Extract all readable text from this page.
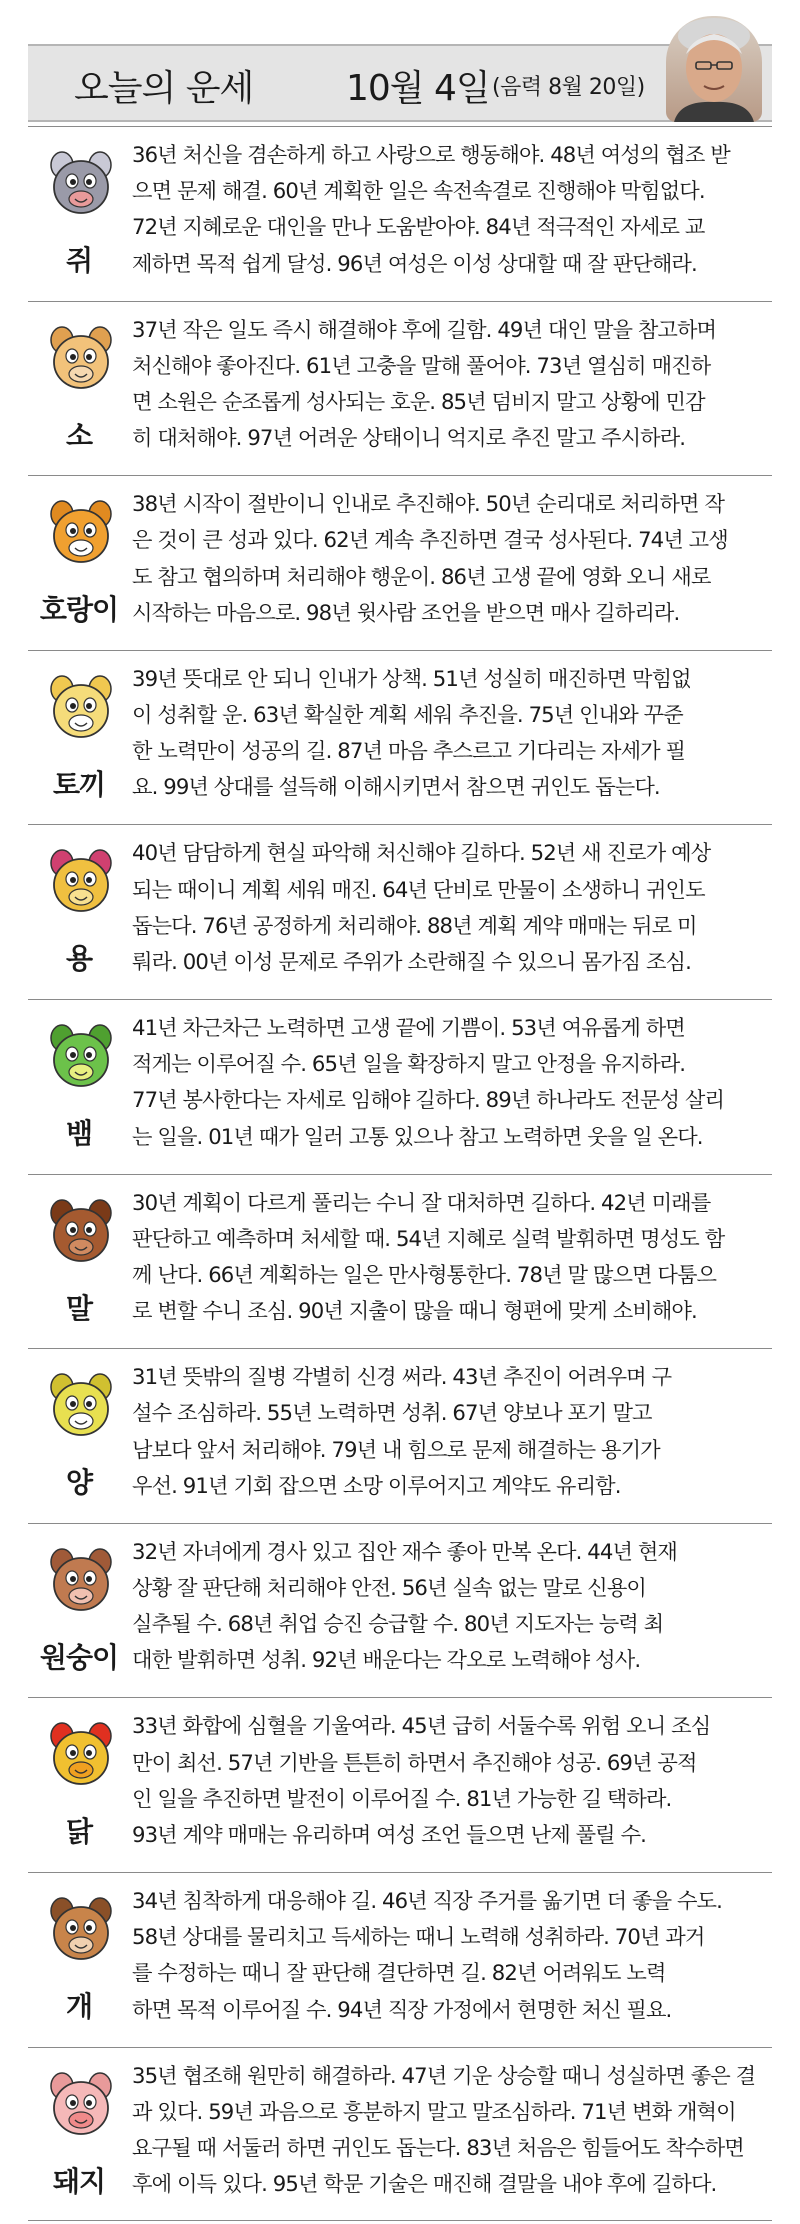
오늘의 운세	10월 4일 (음력 8월 20일)
쥐
36년 처신을 겸손하게 하고 사랑으로 행동해야. 48년 여성의 협조 받
으면 문제 해결. 60년 계획한 일은 속전속결로 진행해야 막힘없다.
72년 지혜로운 대인을 만나 도움받아야. 84년 적극적인 자세로 교
제하면 목적 쉽게 달성. 96년 여성은 이성 상대할 때 잘 판단해라.
소
37년 작은 일도 즉시 해결해야 후에 길함. 49년 대인 말을 참고하며
처신해야 좋아진다. 61년 고충을 말해 풀어야. 73년 열심히 매진하
면 소원은 순조롭게 성사되는 호운. 85년 덤비지 말고 상황에 민감
히 대처해야. 97년 어려운 상태이니 억지로 추진 말고 주시하라.
호랑이
38년 시작이 절반이니 인내로 추진해야. 50년 순리대로 처리하면 작
은 것이 큰 성과 있다. 62년 계속 추진하면 결국 성사된다. 74년 고생
도 참고 협의하며 처리해야 행운이. 86년 고생 끝에 영화 오니 새로
시작하는 마음으로. 98년 윗사람 조언을 받으면 매사 길하리라.
토끼
39년 뜻대로 안 되니 인내가 상책. 51년 성실히 매진하면 막힘없
이 성취할 운. 63년 확실한 계획 세워 추진을. 75년 인내와 꾸준
한 노력만이 성공의 길. 87년 마음 추스르고 기다리는 자세가 필
요. 99년 상대를 설득해 이해시키면서 참으면 귀인도 돕는다.
용
40년 담담하게 현실 파악해 처신해야 길하다. 52년 새 진로가 예상
되는 때이니 계획 세워 매진. 64년 단비로 만물이 소생하니 귀인도
돕는다. 76년 공정하게 처리해야. 88년 계획 계약 매매는 뒤로 미
뤄라. 00년 이성 문제로 주위가 소란해질 수 있으니 몸가짐 조심.
뱀
41년 차근차근 노력하면 고생 끝에 기쁨이. 53년 여유롭게 하면
적게는 이루어질 수. 65년 일을 확장하지 말고 안정을 유지하라.
77년 봉사한다는 자세로 임해야 길하다. 89년 하나라도 전문성 살리
는 일을. 01년 때가 일러 고통 있으나 참고 노력하면 웃을 일 온다.
말
30년 계획이 다르게 풀리는 수니 잘 대처하면 길하다. 42년 미래를
판단하고 예측하며 처세할 때. 54년 지혜로 실력 발휘하면 명성도 함
께 난다. 66년 계획하는 일은 만사형통한다. 78년 말 많으면 다툼으
로 변할 수니 조심. 90년 지출이 많을 때니 형편에 맞게 소비해야.
양
31년 뜻밖의 질병 각별히 신경 써라. 43년 추진이 어려우며 구
설수 조심하라. 55년 노력하면 성취. 67년 양보나 포기 말고
남보다 앞서 처리해야. 79년 내 힘으로 문제 해결하는 용기가
우선. 91년 기회 잡으면 소망 이루어지고 계약도 유리함.
원숭이
32년 자녀에게 경사 있고 집안 재수 좋아 만복 온다. 44년 현재
상황 잘 판단해 처리해야 안전. 56년 실속 없는 말로 신용이
실추될 수. 68년 취업 승진 승급할 수. 80년 지도자는 능력 최
대한 발휘하면 성취. 92년 배운다는 각오로 노력해야 성사.
닭
33년 화합에 심혈을 기울여라. 45년 급히 서둘수록 위험 오니 조심
만이 최선. 57년 기반을 튼튼히 하면서 추진해야 성공. 69년 공적
인 일을 추진하면 발전이 이루어질 수. 81년 가능한 길 택하라.
93년 계약 매매는 유리하며 여성 조언 들으면 난제 풀릴 수.
개
34년 침착하게 대응해야 길. 46년 직장 주거를 옮기면 더 좋을 수도.
58년 상대를 물리치고 득세하는 때니 노력해 성취하라. 70년 과거
를 수정하는 때니 잘 판단해 결단하면 길. 82년 어려워도 노력
하면 목적 이루어질 수. 94년 직장 가정에서 현명한 처신 필요.
돼지
35년 협조해 원만히 해결하라. 47년 기운 상승할 때니 성실하면 좋은 결
과 있다. 59년 과음으로 흥분하지 말고 말조심하라. 71년 변화 개혁이
요구될 때 서둘러 하면 귀인도 돕는다. 83년 처음은 힘들어도 착수하면
후에 이득 있다. 95년 학문 기술은 매진해 결말을 내야 후에 길하다.
